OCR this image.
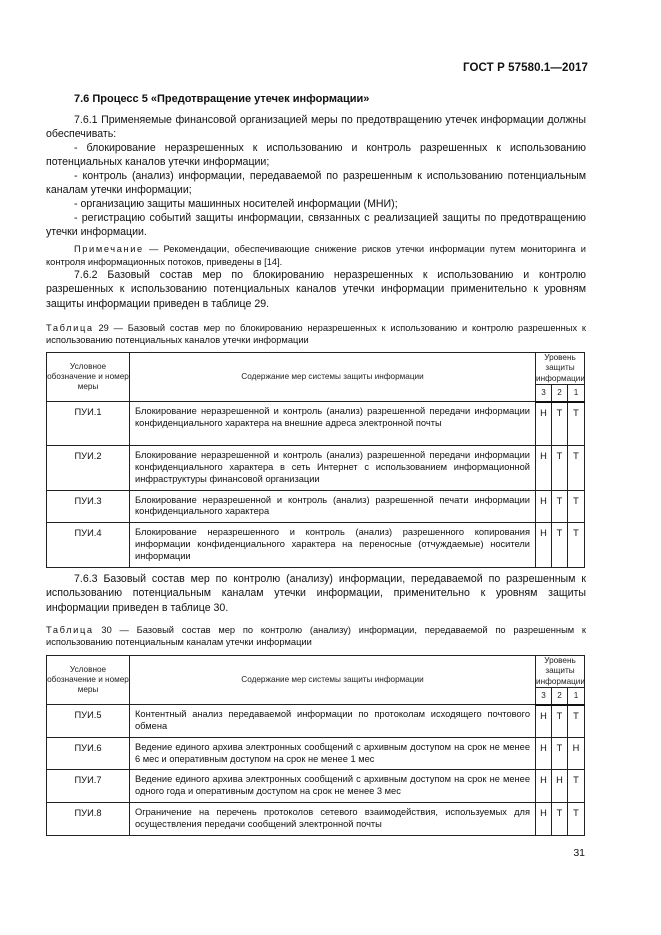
ГОСТ Р 57580.1—2017
7.6 Процесс 5 «Предотвращение утечек информации»
7.6.1 Применяемые финансовой организацией меры по предотвращению утечек информации должны обеспечивать:
- блокирование неразрешенных к использованию и контроль разрешенных к использованию потенциальных каналов утечки информации;
- контроль (анализ) информации, передаваемой по разрешенным к использованию потенциальным каналам утечки информации;
- организацию защиты машинных носителей информации (МНИ);
- регистрацию событий защиты информации, связанных с реализацией защиты по предотвращению утечки информации.
Примечание — Рекомендации, обеспечивающие снижение рисков утечки информации путем мониторинга и контроля информационных потоков, приведены в [14].
7.6.2 Базовый состав мер по блокированию неразрешенных к использованию и контролю разрешенных к использованию потенциальных каналов утечки информации применительно к уровням защиты информации приведен в таблице 29.
Таблица 29 — Базовый состав мер по блокированию неразрешенных к использованию и контролю разрешенных к использованию потенциальных каналов утечки информации
Условное обозначение и номер меры	Содержание мер системы защиты информации	Уровень защиты информации		
		3	2	1
ПУИ.1	Блокирование неразрешенной и контроль (анализ) разрешенной передачи информации конфиденциального характера на внешние адреса электронной почты	Н	Т	Т
ПУИ.2	Блокирование неразрешенной и контроль (анализ) разрешенной передачи информации конфиденциального характера в сеть Интернет с использованием информационной инфраструктуры финансовой организации	Н	Т	Т
ПУИ.3	Блокирование неразрешенной и контроль (анализ) разрешенной печати информации конфиденциального характера	Н	Т	Т
ПУИ.4	Блокирование неразрешенного и контроль (анализ) разрешенного копирования информации конфиденциального характера на переносные (отчуждаемые) носители информации	Н	Т	Т
7.6.3 Базовый состав мер по контролю (анализу) информации, передаваемой по разрешенным к использованию потенциальным каналам утечки информации, применительно к уровням защиты информации приведен в таблице 30.
Таблица 30 — Базовый состав мер по контролю (анализу) информации, передаваемой по разрешенным к использованию потенциальным каналам утечки информации
Условное обозначение и номер меры	Содержание мер системы защиты информации	Уровень защиты информации		
		3	2	1
ПУИ.5	Контентный анализ передаваемой информации по протоколам исходящего почтового обмена	Н	Т	Т
ПУИ.6	Ведение единого архива электронных сообщений с архивным доступом на срок не менее 6 мес и оперативным доступом на срок не менее 1 мес	Н	Т	Н
ПУИ.7	Ведение единого архива электронных сообщений с архивным доступом на срок не менее одного года и оперативным доступом на срок не менее 3 мес	Н	Н	Т
ПУИ.8	Ограничение на перечень протоколов сетевого взаимодействия, используемых для осуществления передачи сообщений электронной почты	Н	Т	Т
31
